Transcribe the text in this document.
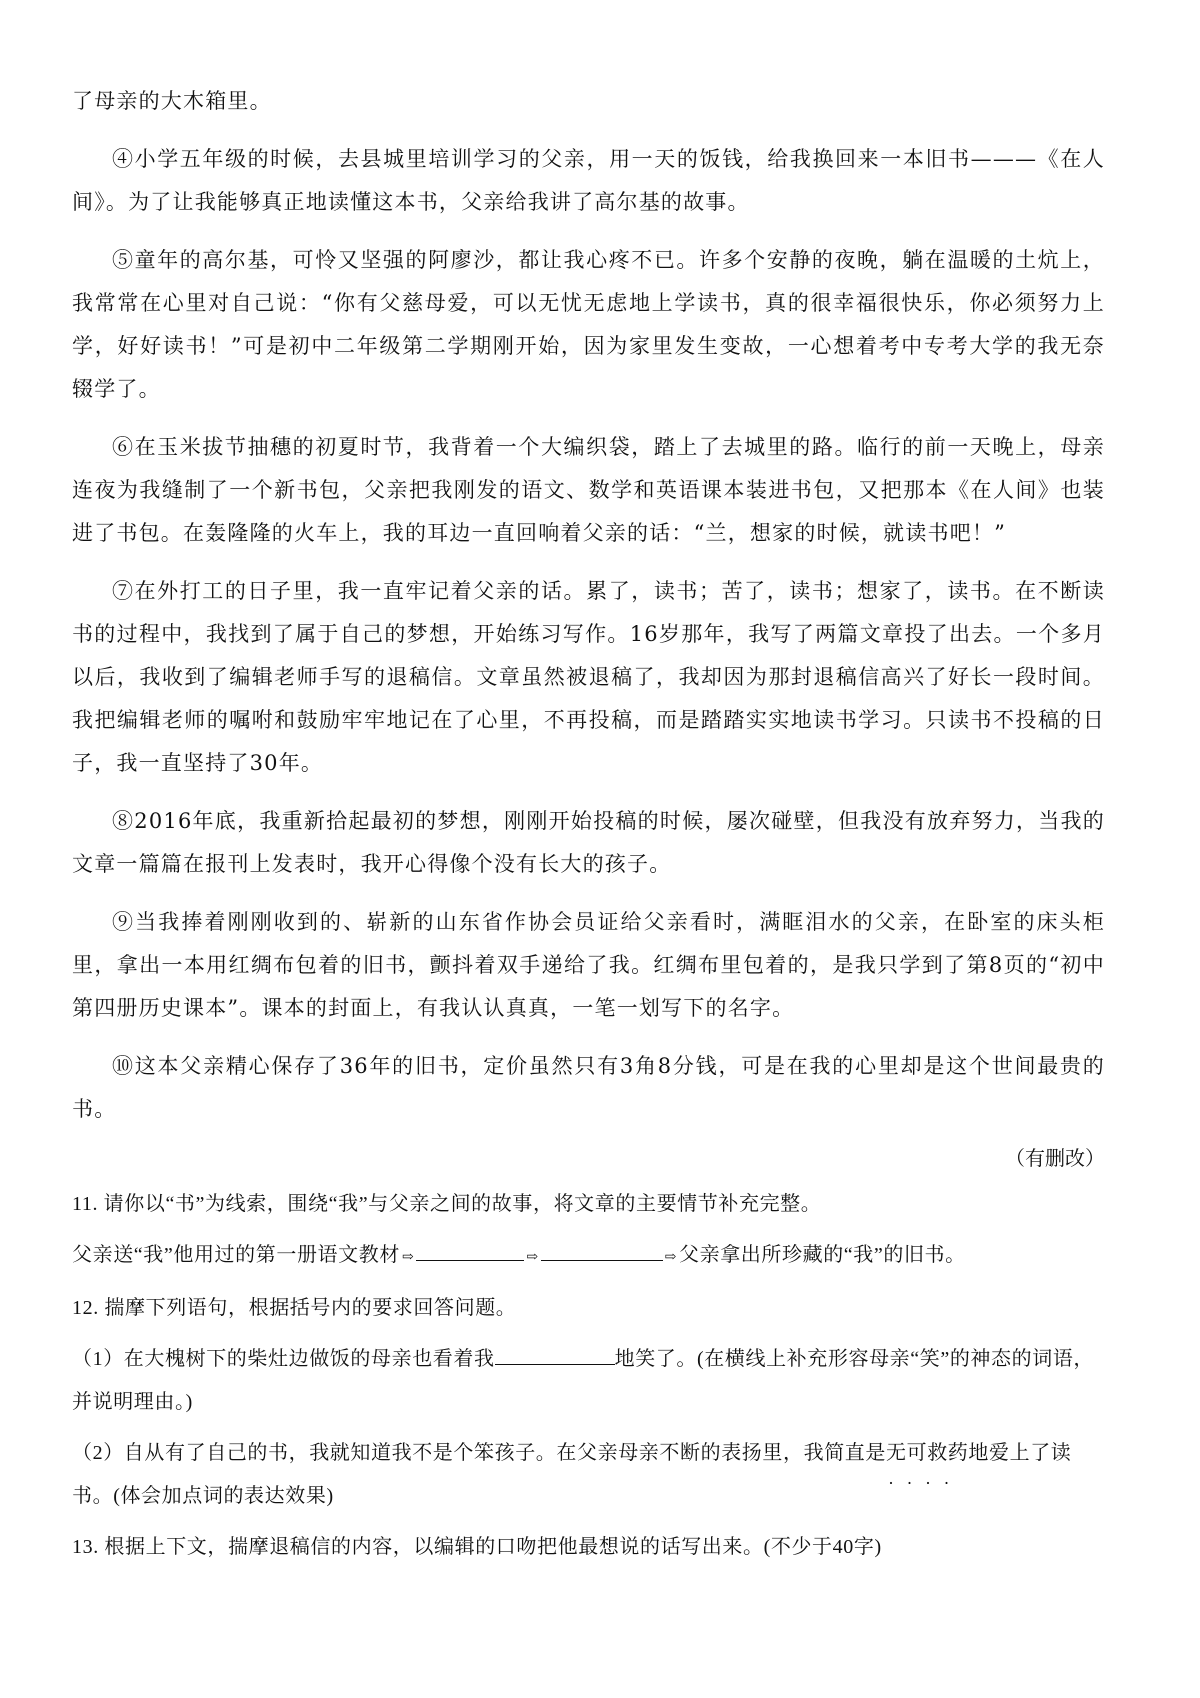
了母亲的大木箱里。

④小学五年级的时候，去县城里培训学习的父亲，用一天的饭钱，给我换回来一本旧书———《在人间》。为了让我能够真正地读懂这本书，父亲给我讲了高尔基的故事。

⑤童年的高尔基，可怜又坚强的阿廖沙，都让我心疼不已。许多个安静的夜晚，躺在温暖的土炕上，我常常在心里对自己说：“你有父慈母爱，可以无忧无虑地上学读书，真的很幸福很快乐，你必须努力上学，好好读书！”可是初中二年级第二学期刚开始，因为家里发生变故，一心想着考中专考大学的我无奈辍学了。

⑥在玉米拔节抽穗的初夏时节，我背着一个大编织袋，踏上了去城里的路。临行的前一天晚上，母亲连夜为我缝制了一个新书包，父亲把我刚发的语文、数学和英语课本装进书包，又把那本《在人间》也装进了书包。在轰隆隆的火车上，我的耳边一直回响着父亲的话：“兰，想家的时候，就读书吧！”

⑦在外打工的日子里，我一直牢记着父亲的话。累了，读书；苦了，读书；想家了，读书。在不断读书的过程中，我找到了属于自己的梦想，开始练习写作。16岁那年，我写了两篇文章投了出去。一个多月以后，我收到了编辑老师手写的退稿信。文章虽然被退稿了，我却因为那封退稿信高兴了好长一段时间。我把编辑老师的嘱咐和鼓励牢牢地记在了心里，不再投稿，而是踏踏实实地读书学习。只读书不投稿的日子，我一直坚持了30年。

⑧2016年底，我重新拾起最初的梦想，刚刚开始投稿的时候，屡次碰壁，但我没有放弃努力，当我的文章一篇篇在报刊上发表时，我开心得像个没有长大的孩子。

⑨当我捧着刚刚收到的、崭新的山东省作协会员证给父亲看时，满眶泪水的父亲，在卧室的床头柜里，拿出一本用红绸布包着的旧书，颤抖着双手递给了我。红绸布里包着的，是我只学到了第8页的“初中第四册历史课本”。课本的封面上，有我认认真真，一笔一划写下的名字。

⑩这本父亲精心保存了36年的旧书，定价虽然只有3角8分钱，可是在我的心里却是这个世间最贵的书。

（有删改）
11. 请你以“书”为线索，围绕“我”与父亲之间的故事，将文章的主要情节补充完整。
父亲送“我”他用过的第一册语文教材 ⇨	⇨	⇨ 父亲拿出所珍藏的“我”的旧书。
12. 揣摩下列语句，根据括号内的要求回答问题。
（1）在大槐树下的柴灶边做饭的母亲也看着我	地笑了。(在横线上补充形容母亲“笑”的神态的词语，并说明理由。)
（2）自从有了自己的书，我就知道我不是个笨孩子。在父亲母亲不断的表扬里，我简直是无可救药 · · · ·地爱上了读书。(体会加点词的表达效果)
13. 根据上下文，揣摩退稿信的内容，以编辑的口吻把他最想说的话写出来。(不少于40字)
